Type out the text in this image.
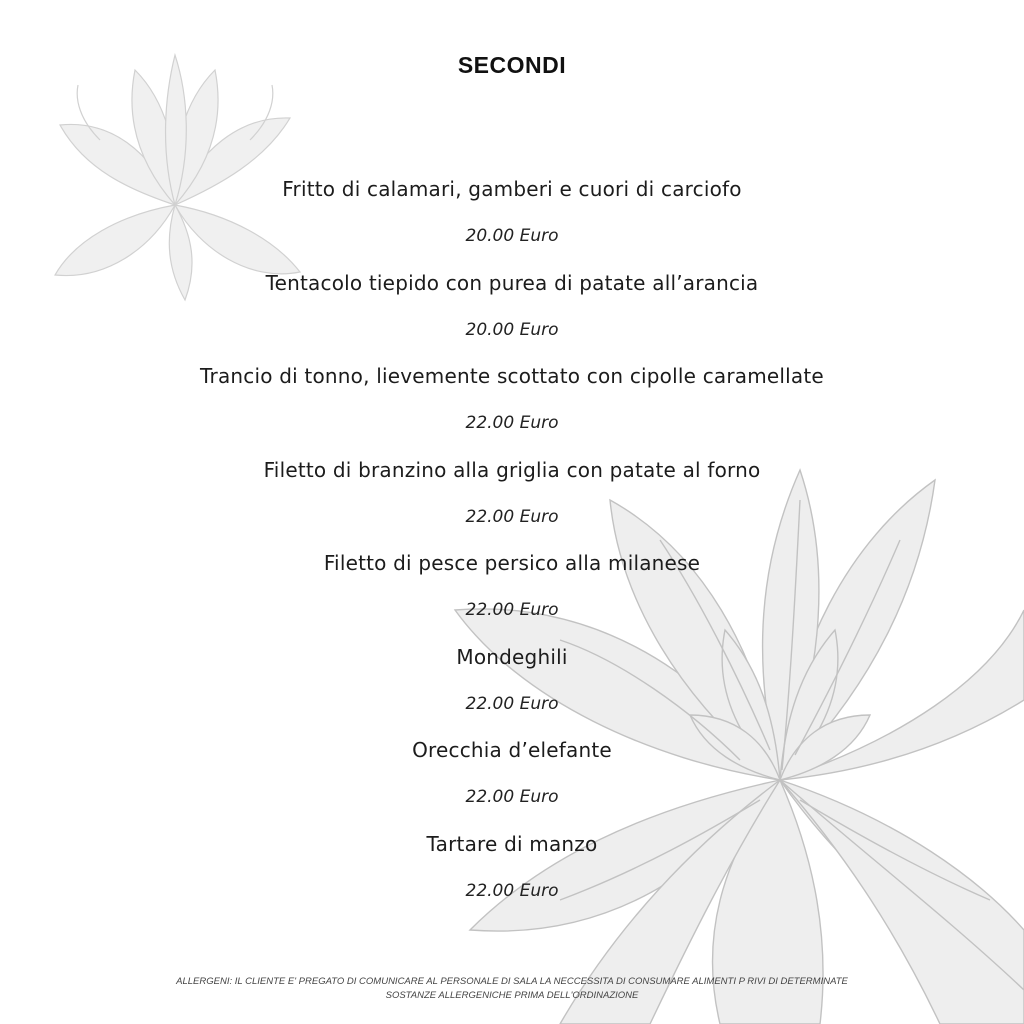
SECONDI
Fritto di calamari, gamberi e cuori di carciofo
20.00 Euro
Tentacolo tiepido con purea di patate all’arancia
20.00 Euro
Trancio di tonno, lievemente scottato con cipolle caramellate
22.00 Euro
Filetto di branzino alla griglia con patate al forno
22.00 Euro
Filetto di pesce persico alla milanese
22.00 Euro
Mondeghili
22.00 Euro
Orecchia d’elefante
22.00 Euro
Tartare di manzo
22.00 Euro
ALLERGENI: IL CLIENTE E' PREGATO DI COMUNICARE AL PERSONALE DI SALA LA NECCESSITA DI CONSUMARE ALIMENTI P RIVI DI DETERMINATE
SOSTANZE ALLERGENICHE PRIMA DELL'ORDINAZIONE
